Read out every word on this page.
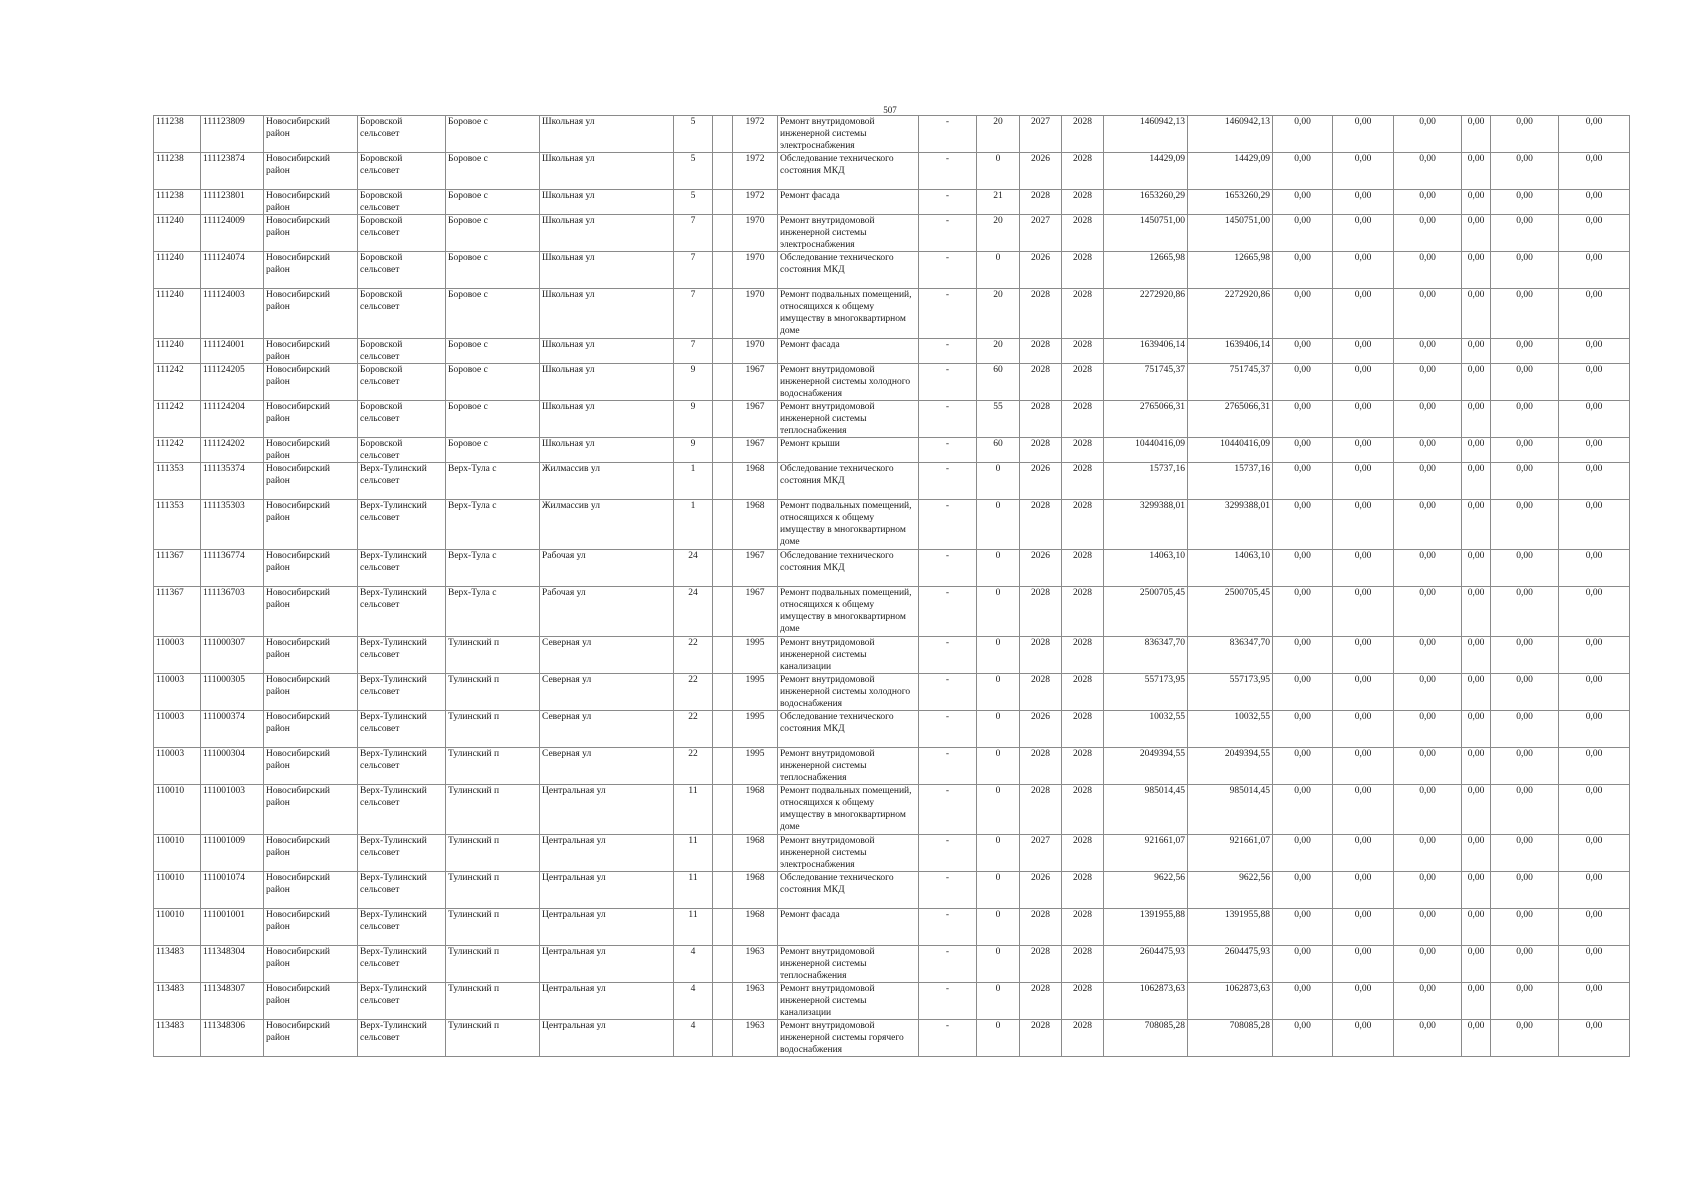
507
111238	111123809	Новосибирский район	Боровской сельсовет	Боровое с	Школьная ул	5		1972	Ремонт внутридомовой инженерной системы электроснабжения	-	20	2027	2028	1460942,13	1460942,13	0,00	0,00	0,00	0,00	0,00	0,00
111238	111123874	Новосибирский район	Боровской сельсовет	Боровое с	Школьная ул	5		1972	Обследование технического состояния МКД	-	0	2026	2028	14429,09	14429,09	0,00	0,00	0,00	0,00	0,00	0,00
111238	111123801	Новосибирский район	Боровской сельсовет	Боровое с	Школьная ул	5		1972	Ремонт фасада	-	21	2028	2028	1653260,29	1653260,29	0,00	0,00	0,00	0,00	0,00	0,00
111240	111124009	Новосибирский район	Боровской сельсовет	Боровое с	Школьная ул	7		1970	Ремонт внутридомовой инженерной системы электроснабжения	-	20	2027	2028	1450751,00	1450751,00	0,00	0,00	0,00	0,00	0,00	0,00
111240	111124074	Новосибирский район	Боровской сельсовет	Боровое с	Школьная ул	7		1970	Обследование технического состояния МКД	-	0	2026	2028	12665,98	12665,98	0,00	0,00	0,00	0,00	0,00	0,00
111240	111124003	Новосибирский район	Боровской сельсовет	Боровое с	Школьная ул	7		1970	Ремонт подвальных помещений, относящихся к общему имуществу в многоквартирном доме	-	20	2028	2028	2272920,86	2272920,86	0,00	0,00	0,00	0,00	0,00	0,00
111240	111124001	Новосибирский район	Боровской сельсовет	Боровое с	Школьная ул	7		1970	Ремонт фасада	-	20	2028	2028	1639406,14	1639406,14	0,00	0,00	0,00	0,00	0,00	0,00
111242	111124205	Новосибирский район	Боровской сельсовет	Боровое с	Школьная ул	9		1967	Ремонт внутридомовой инженерной системы холодного водоснабжения	-	60	2028	2028	751745,37	751745,37	0,00	0,00	0,00	0,00	0,00	0,00
111242	111124204	Новосибирский район	Боровской сельсовет	Боровое с	Школьная ул	9		1967	Ремонт внутридомовой инженерной системы теплоснабжения	-	55	2028	2028	2765066,31	2765066,31	0,00	0,00	0,00	0,00	0,00	0,00
111242	111124202	Новосибирский район	Боровской сельсовет	Боровое с	Школьная ул	9		1967	Ремонт крыши	-	60	2028	2028	10440416,09	10440416,09	0,00	0,00	0,00	0,00	0,00	0,00
111353	111135374	Новосибирский район	Верх-Тулинский сельсовет	Верх-Тула с	Жилмассив ул	1		1968	Обследование технического состояния МКД	-	0	2026	2028	15737,16	15737,16	0,00	0,00	0,00	0,00	0,00	0,00
111353	111135303	Новосибирский район	Верх-Тулинский сельсовет	Верх-Тула с	Жилмассив ул	1		1968	Ремонт подвальных помещений, относящихся к общему имуществу в многоквартирном доме	-	0	2028	2028	3299388,01	3299388,01	0,00	0,00	0,00	0,00	0,00	0,00
111367	111136774	Новосибирский район	Верх-Тулинский сельсовет	Верх-Тула с	Рабочая ул	24		1967	Обследование технического состояния МКД	-	0	2026	2028	14063,10	14063,10	0,00	0,00	0,00	0,00	0,00	0,00
111367	111136703	Новосибирский район	Верх-Тулинский сельсовет	Верх-Тула с	Рабочая ул	24		1967	Ремонт подвальных помещений, относящихся к общему имуществу в многоквартирном доме	-	0	2028	2028	2500705,45	2500705,45	0,00	0,00	0,00	0,00	0,00	0,00
110003	111000307	Новосибирский район	Верх-Тулинский сельсовет	Тулинский п	Северная ул	22		1995	Ремонт внутридомовой инженерной системы канализации	-	0	2028	2028	836347,70	836347,70	0,00	0,00	0,00	0,00	0,00	0,00
110003	111000305	Новосибирский район	Верх-Тулинский сельсовет	Тулинский п	Северная ул	22		1995	Ремонт внутридомовой инженерной системы холодного водоснабжения	-	0	2028	2028	557173,95	557173,95	0,00	0,00	0,00	0,00	0,00	0,00
110003	111000374	Новосибирский район	Верх-Тулинский сельсовет	Тулинский п	Северная ул	22		1995	Обследование технического состояния МКД	-	0	2026	2028	10032,55	10032,55	0,00	0,00	0,00	0,00	0,00	0,00
110003	111000304	Новосибирский район	Верх-Тулинский сельсовет	Тулинский п	Северная ул	22		1995	Ремонт внутридомовой инженерной системы теплоснабжения	-	0	2028	2028	2049394,55	2049394,55	0,00	0,00	0,00	0,00	0,00	0,00
110010	111001003	Новосибирский район	Верх-Тулинский сельсовет	Тулинский п	Центральная ул	11		1968	Ремонт подвальных помещений, относящихся к общему имуществу в многоквартирном доме	-	0	2028	2028	985014,45	985014,45	0,00	0,00	0,00	0,00	0,00	0,00
110010	111001009	Новосибирский район	Верх-Тулинский сельсовет	Тулинский п	Центральная ул	11		1968	Ремонт внутридомовой инженерной системы электроснабжения	-	0	2027	2028	921661,07	921661,07	0,00	0,00	0,00	0,00	0,00	0,00
110010	111001074	Новосибирский район	Верх-Тулинский сельсовет	Тулинский п	Центральная ул	11		1968	Обследование технического состояния МКД	-	0	2026	2028	9622,56	9622,56	0,00	0,00	0,00	0,00	0,00	0,00
110010	111001001	Новосибирский район	Верх-Тулинский сельсовет	Тулинский п	Центральная ул	11		1968	Ремонт фасада	-	0	2028	2028	1391955,88	1391955,88	0,00	0,00	0,00	0,00	0,00	0,00
113483	111348304	Новосибирский район	Верх-Тулинский сельсовет	Тулинский п	Центральная ул	4		1963	Ремонт внутридомовой инженерной системы теплоснабжения	-	0	2028	2028	2604475,93	2604475,93	0,00	0,00	0,00	0,00	0,00	0,00
113483	111348307	Новосибирский район	Верх-Тулинский сельсовет	Тулинский п	Центральная ул	4		1963	Ремонт внутридомовой инженерной системы канализации	-	0	2028	2028	1062873,63	1062873,63	0,00	0,00	0,00	0,00	0,00	0,00
113483	111348306	Новосибирский район	Верх-Тулинский сельсовет	Тулинский п	Центральная ул	4		1963	Ремонт внутридомовой инженерной системы горячего водоснабжения	-	0	2028	2028	708085,28	708085,28	0,00	0,00	0,00	0,00	0,00	0,00
